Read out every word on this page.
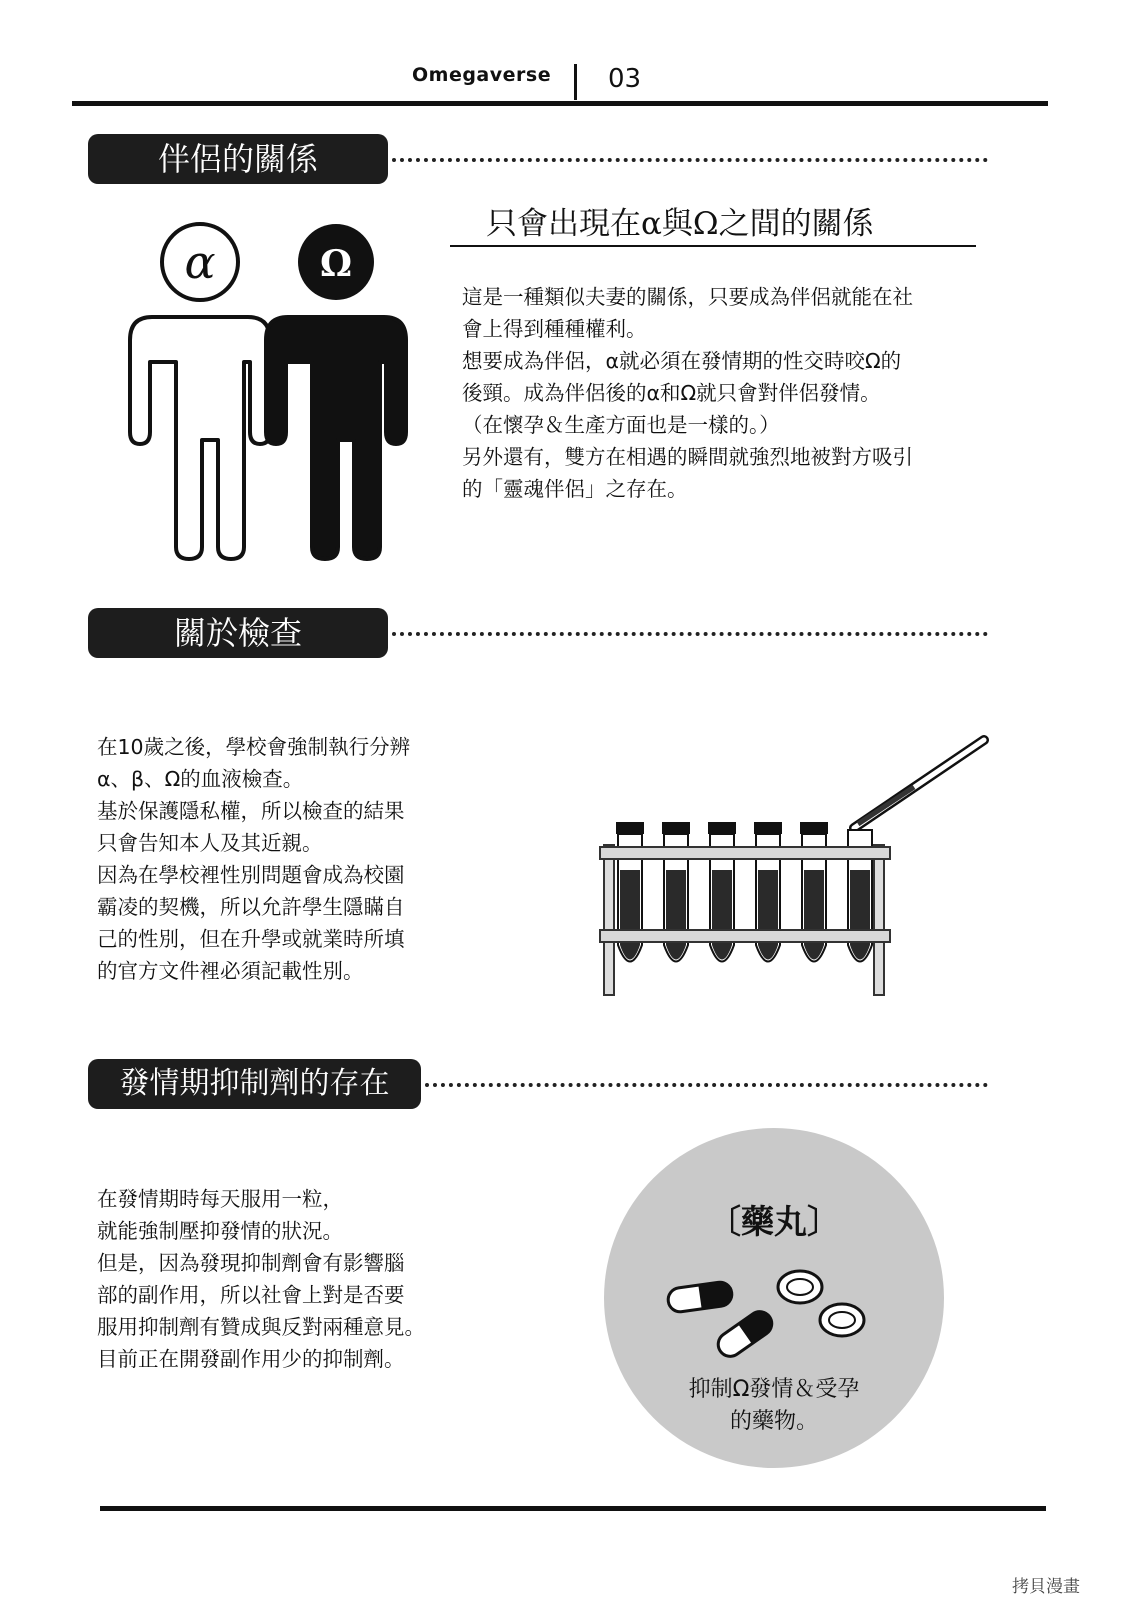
Omegaverse 03
伴侶的關係
只會出現在α與Ω之間的關係
α	Ω
這是一種類似夫妻的關係，只要成為伴侶就能在社
會上得到種種權利。
想要成為伴侶，α就必須在發情期的性交時咬Ω的
後頸。成為伴侶後的α和Ω就只會對伴侶發情。
（在懷孕＆生產方面也是一樣的。）
另外還有，雙方在相遇的瞬間就強烈地被對方吸引
的「靈魂伴侶」之存在。
關於檢查
在10歲之後，學校會強制執行分辨
α、β、Ω的血液檢查。
基於保護隱私權，所以檢查的結果
只會告知本人及其近親。
因為在學校裡性別問題會成為校園
霸凌的契機，所以允許學生隱瞞自
己的性別，但在升學或就業時所填
的官方文件裡必須記載性別。
發情期抑制劑的存在
在發情期時每天服用一粒，
就能強制壓抑發情的狀況。
但是，因為發現抑制劑會有影響腦
部的副作用，所以社會上對是否要
服用抑制劑有贊成與反對兩種意見。
目前正在開發副作用少的抑制劑。
〔藥丸〕
抑制Ω發情＆受孕
的藥物。
拷貝漫畫
